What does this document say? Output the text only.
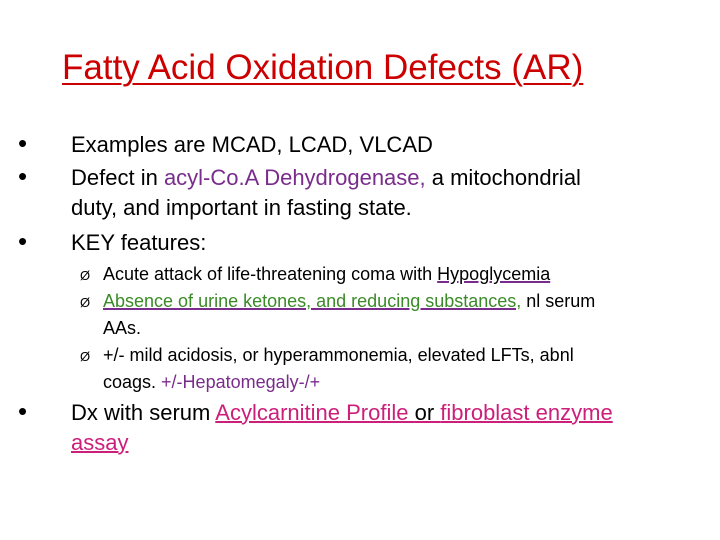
Fatty Acid Oxidation Defects (AR)
• Examples are MCAD, LCAD, VLCAD
• Defect in acyl-Co.A Dehydrogenase, a mitochondrial
duty, and important in fasting state.
• KEY features:
Ø Acute attack of life-threatening coma with Hypoglycemia
Ø Absence of urine ketones, and reducing substances, nl serum
AAs.
Ø +/- mild acidosis, or hyperammonemia, elevated LFTs, abnl
coags. +/-Hepatomegaly-/+
• Dx with serum Acylcarnitine Profile or fibroblast enzyme
assay
